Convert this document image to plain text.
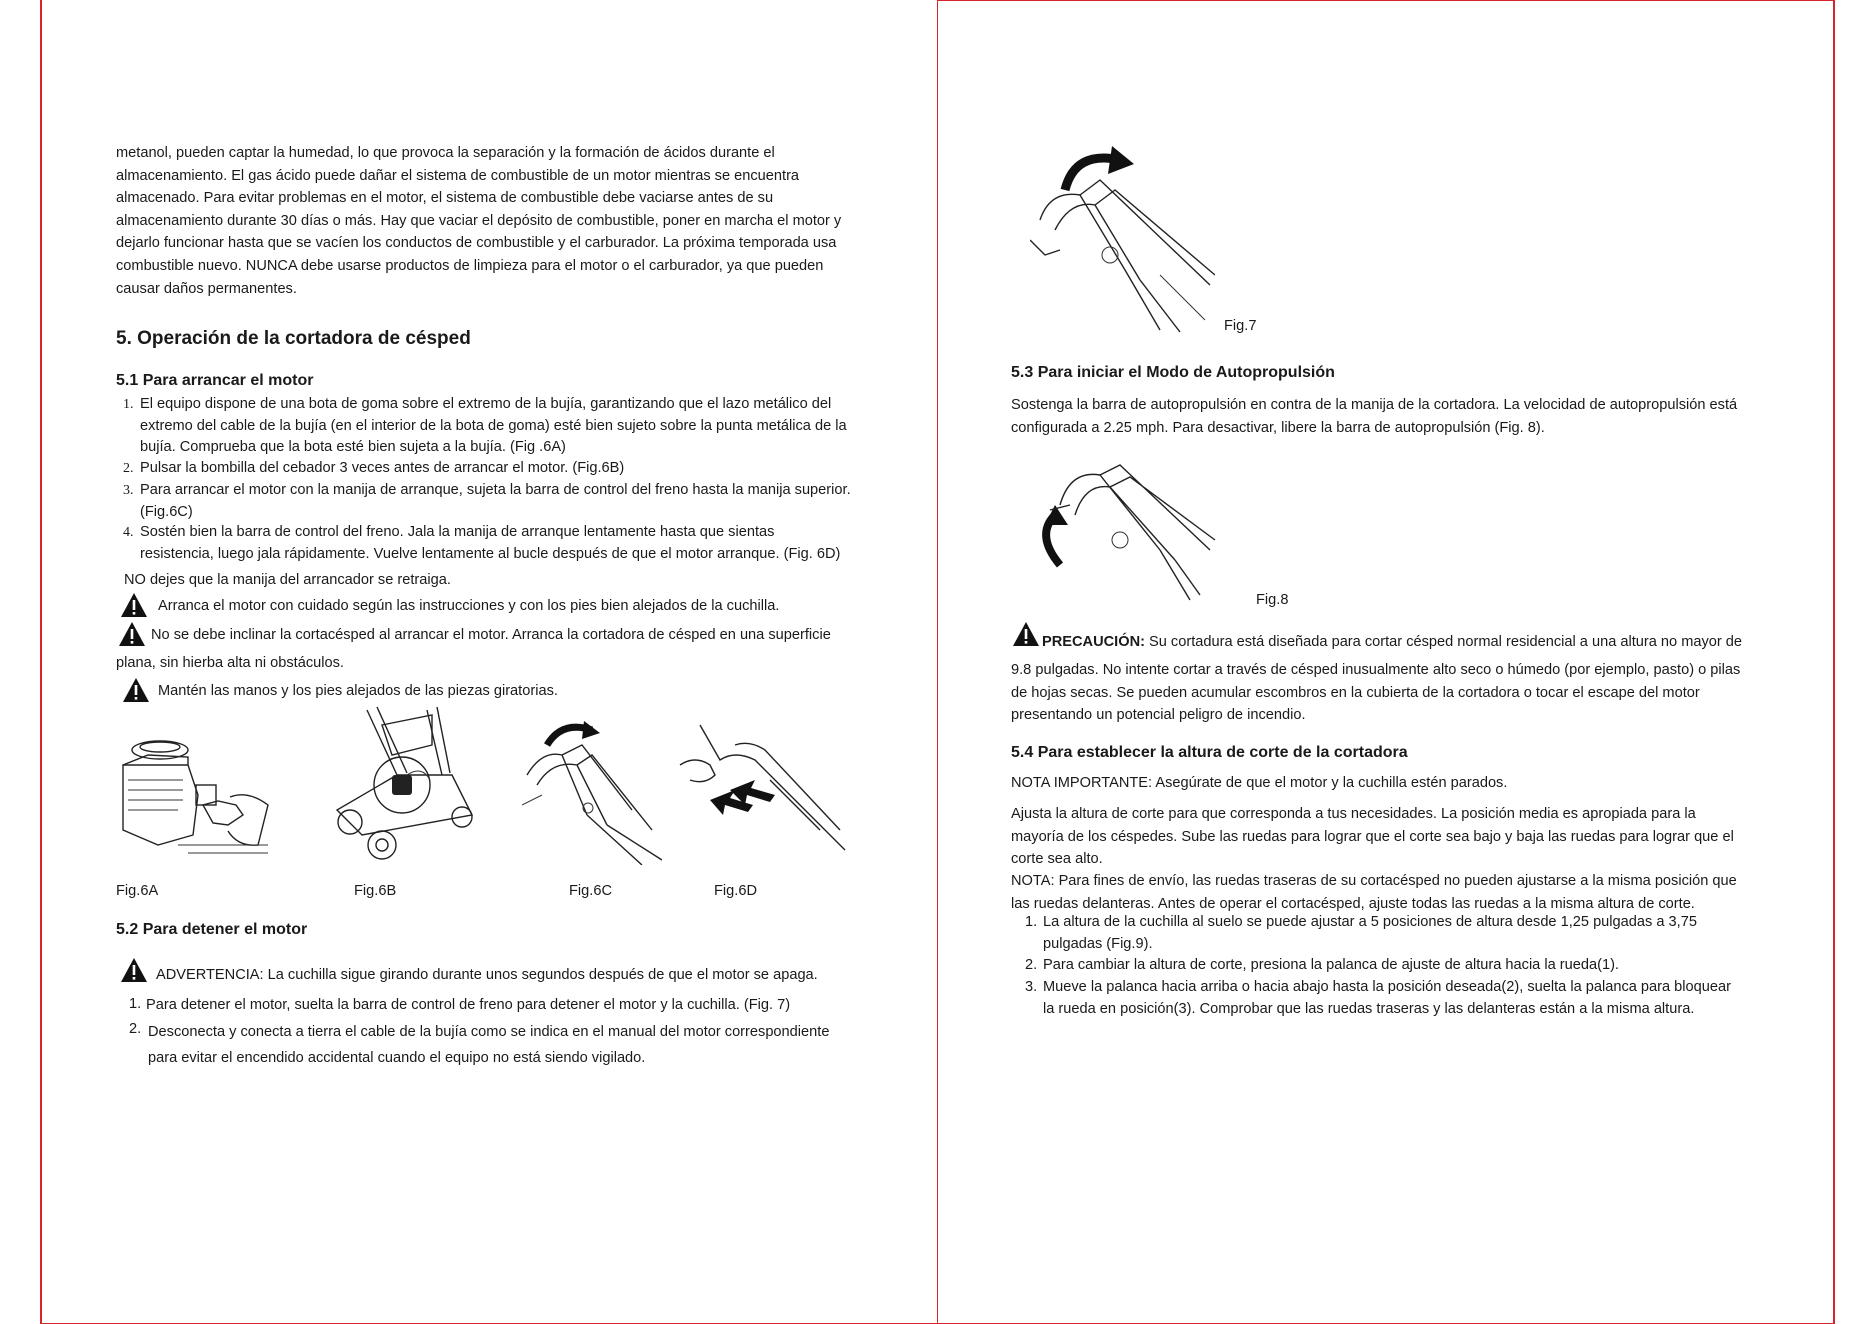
metanol, pueden captar la humedad, lo que provoca la separación y la formación de ácidos durante el
almacenamiento. El gas ácido puede dañar el sistema de combustible de un motor mientras se encuentra
almacenado. Para evitar problemas en el motor, el sistema de combustible debe vaciarse antes de su
almacenamiento durante 30 días o más. Hay que vaciar el depósito de combustible, poner en marcha el motor y
dejarlo funcionar hasta que se vacíen los conductos de combustible y el carburador. La próxima temporada usa
combustible nuevo. NUNCA debe usarse productos de limpieza para el motor o el carburador, ya que pueden
causar daños permanentes.
5. Operación de la cortadora de césped
5.1 Para arrancar el motor
1. El equipo dispone de una bota de goma sobre el extremo de la bujía, garantizando que el lazo metálico del
extremo del cable de la bujía (en el interior de la bota de goma) esté bien sujeto sobre la punta metálica de la
bujía. Comprueba que la bota esté bien sujeta a la bujía. (Fig .6A)
2. Pulsar la bombilla del cebador 3 veces antes de arrancar el motor. (Fig.6B)
3. Para arrancar el motor con la manija de arranque, sujeta la barra de control del freno hasta la manija superior.
(Fig.6C)
4. Sostén bien la barra de control del freno. Jala la manija de arranque lentamente hasta que sientas
resistencia, luego jala rápidamente. Vuelve lentamente al bucle después de que el motor arranque. (Fig. 6D)
NO dejes que la manija del arrancador se retraiga.
Arranca el motor con cuidado según las instrucciones y con los pies bien alejados de la cuchilla.
No se debe inclinar la cortacésped al arrancar el motor. Arranca la cortadora de césped en una superficie
plana, sin hierba alta ni obstáculos.
Mantén las manos y los pies alejados de las piezas giratorias.
Fig.6A	Fig.6B	Fig.6C	Fig.6D
5.2 Para detener el motor
ADVERTENCIA: La cuchilla sigue girando durante unos segundos después de que el motor se apaga.
1. Para detener el motor, suelta la barra de control de freno para detener el motor y la cuchilla. (Fig. 7)
2. Desconecta y conecta a tierra el cable de la bujía como se indica en el manual del motor correspondiente
para evitar el encendido accidental cuando el equipo no está siendo vigilado.
Fig.7
5.3 Para iniciar el Modo de Autopropulsión
Sostenga la barra de autopropulsión en contra de la manija de la cortadora. La velocidad de autopropulsión está
configurada a 2.25 mph. Para desactivar, libere la barra de autopropulsión (Fig. 8).
Fig.8
PRECAUCIÓN: Su cortadura está diseñada para cortar césped normal residencial a una altura no mayor de
9.8 pulgadas. No intente cortar a través de césped inusualmente alto seco o húmedo (por ejemplo, pasto) o pilas
de hojas secas. Se pueden acumular escombros en la cubierta de la cortadora o tocar el escape del motor
presentando un potencial peligro de incendio.
5.4 Para establecer la altura de corte de la cortadora
NOTA IMPORTANTE: Asegúrate de que el motor y la cuchilla estén parados.
Ajusta la altura de corte para que corresponda a tus necesidades. La posición media es apropiada para la
mayoría de los céspedes. Sube las ruedas para lograr que el corte sea bajo y baja las ruedas para lograr que el
corte sea alto.
NOTA: Para fines de envío, las ruedas traseras de su cortacésped no pueden ajustarse a la misma posición que
las ruedas delanteras. Antes de operar el cortacésped, ajuste todas las ruedas a la misma altura de corte.
1. La altura de la cuchilla al suelo se puede ajustar a 5 posiciones de altura desde 1,25 pulgadas a 3,75
pulgadas (Fig.9).
2. Para cambiar la altura de corte, presiona la palanca de ajuste de altura hacia la rueda(1).
3. Mueve la palanca hacia arriba o hacia abajo hasta la posición deseada(2), suelta la palanca para bloquear
la rueda en posición(3). Comprobar que las ruedas traseras y las delanteras están a la misma altura.
